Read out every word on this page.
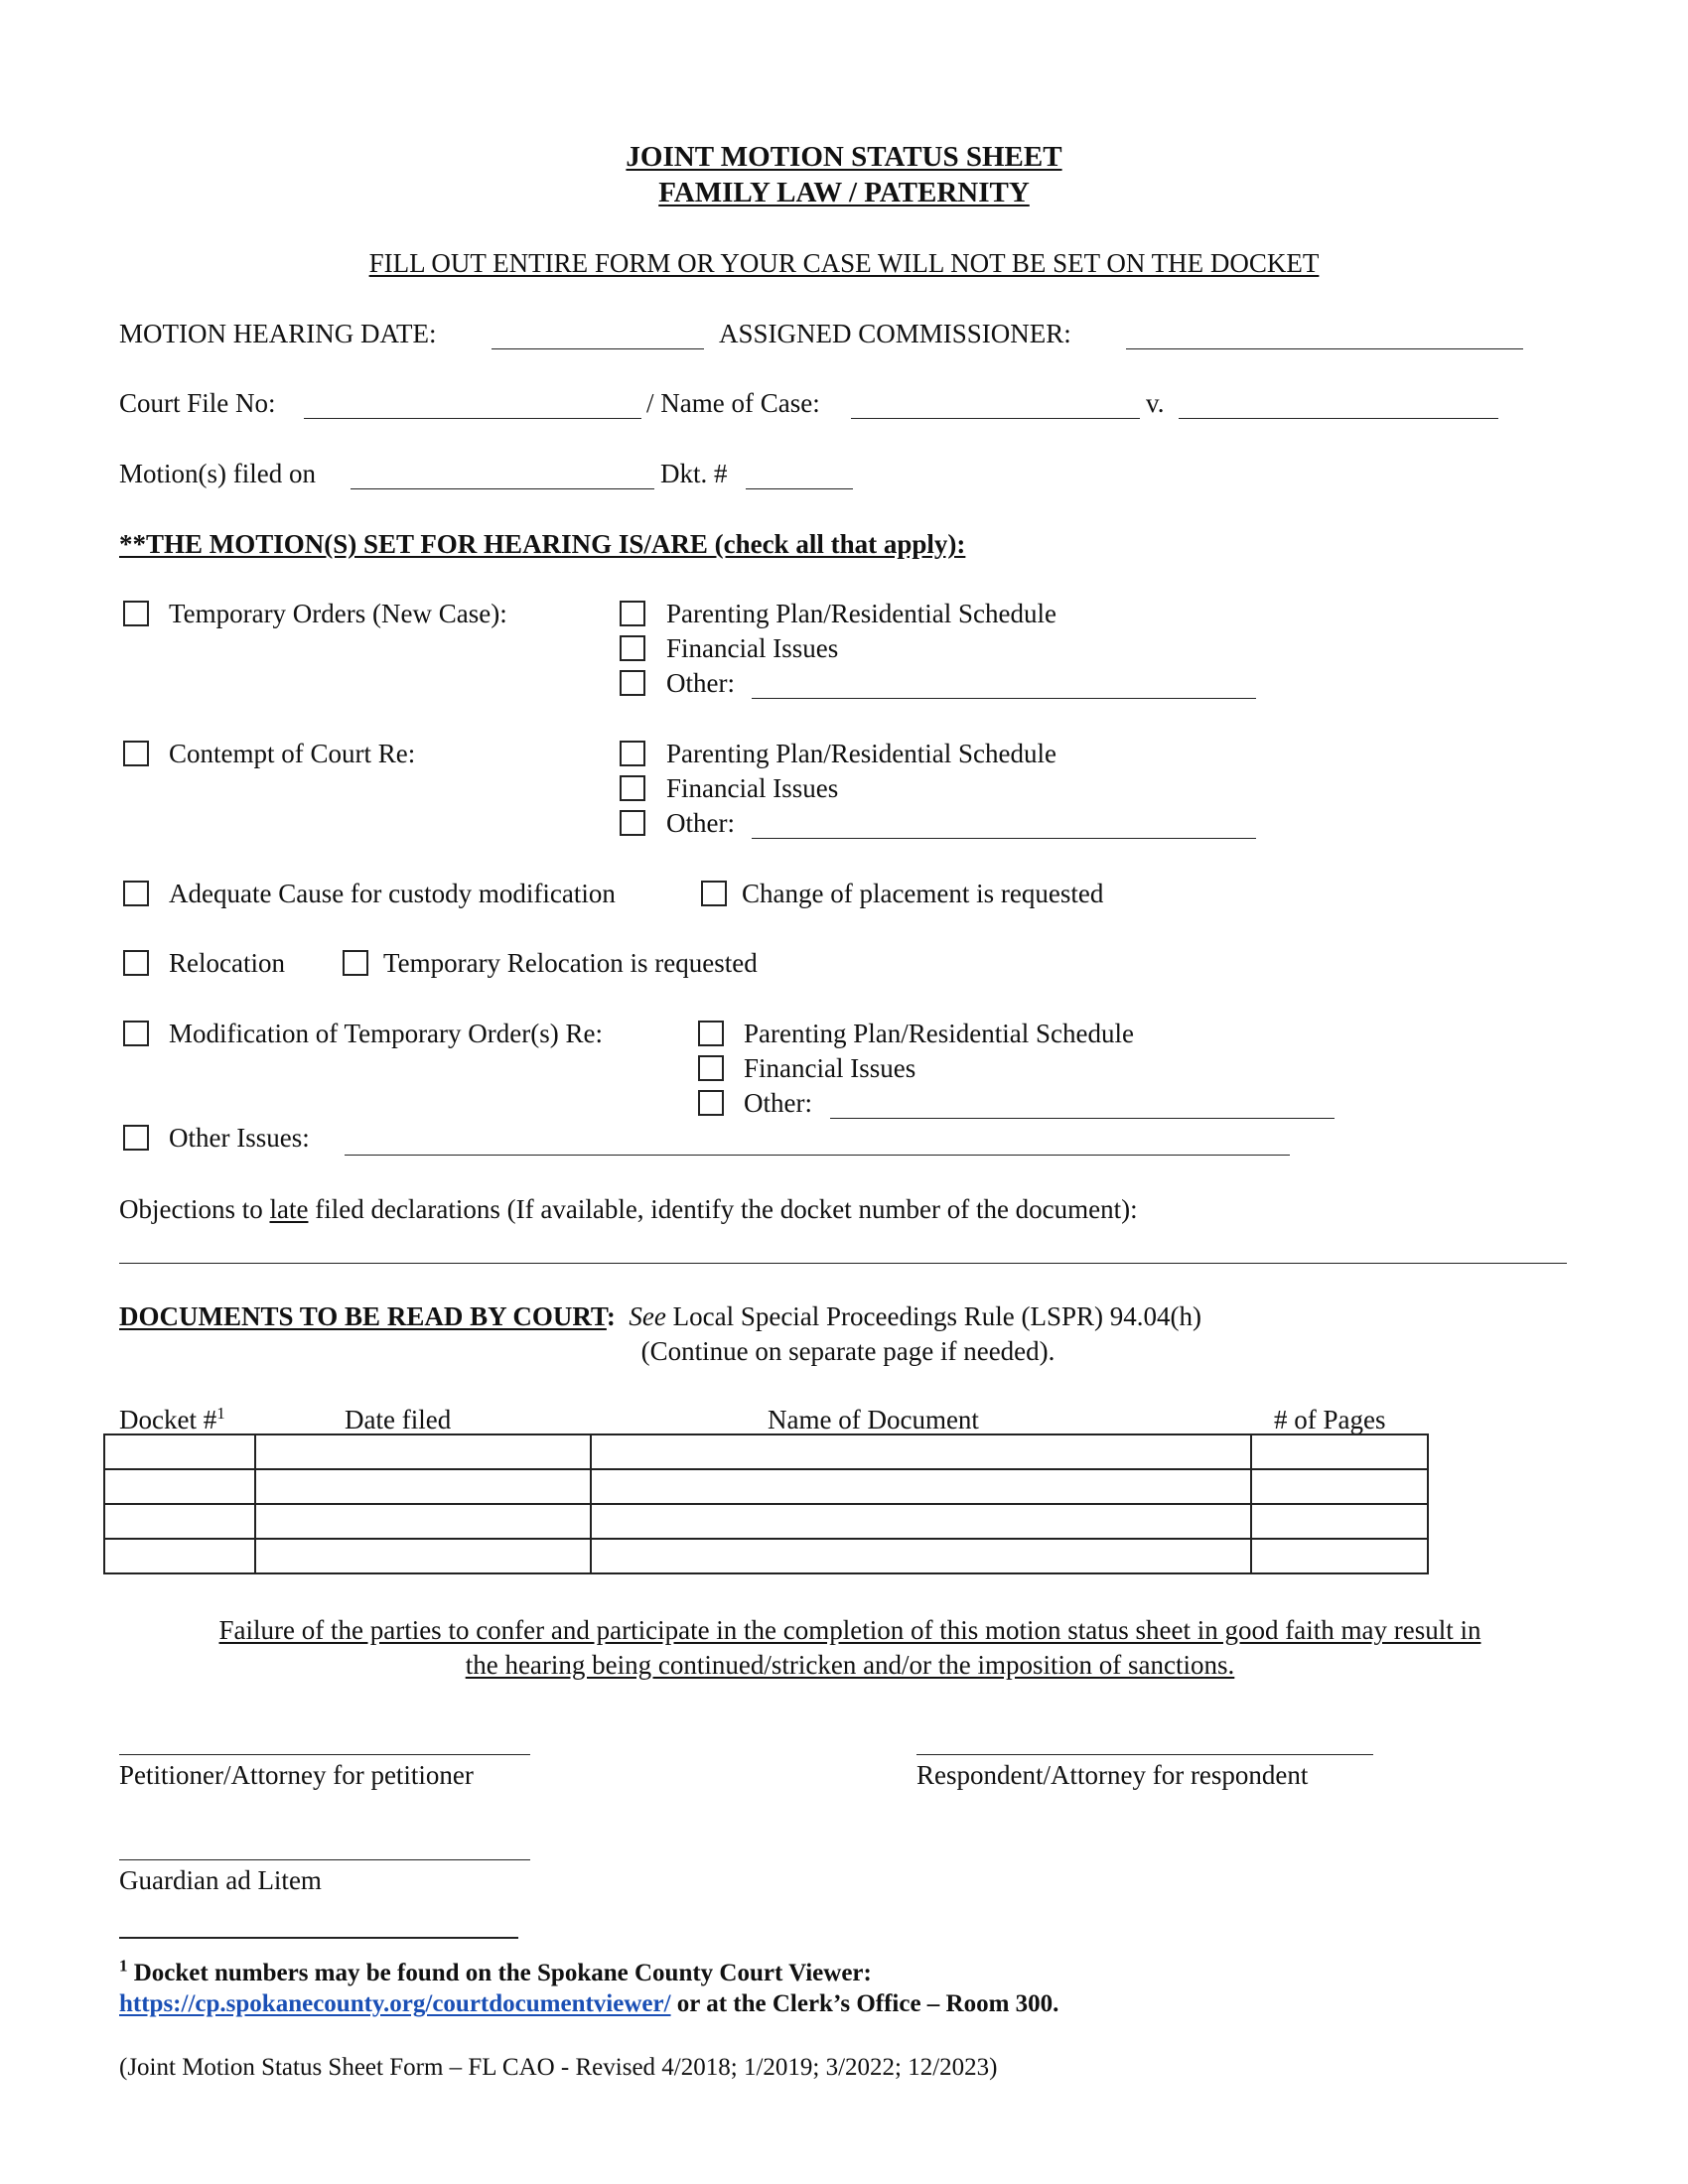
JOINT MOTION STATUS SHEET
FAMILY LAW / PATERNITY
FILL OUT ENTIRE FORM OR YOUR CASE WILL NOT BE SET ON THE DOCKET
MOTION HEARING DATE:	ASSIGNED COMMISSIONER:
Court File No:	/ Name of Case:	v.
Motion(s) filed on	Dkt. #
**THE MOTION(S) SET FOR HEARING IS/ARE (check all that apply):
Temporary Orders (New Case):	Parenting Plan/Residential Schedule
Financial Issues
Other:
Contempt of Court Re:	Parenting Plan/Residential Schedule
Financial Issues
Other:
Adequate Cause for custody modification	Change of placement is requested
Relocation	Temporary Relocation is requested
Modification of Temporary Order(s) Re:	Parenting Plan/Residential Schedule
Financial Issues
Other:
Other Issues:
Objections to late filed declarations (If available, identify the docket number of the document):
DOCUMENTS TO BE READ BY COURT: See Local Special Proceedings Rule (LSPR) 94.04(h)
(Continue on separate page if needed).
Docket #$^1$	Date filed	Name of Document	# of Pages

Failure of the parties to confer and participate in the completion of this motion status sheet in good faith may result in
the hearing being continued/stricken and/or the imposition of sanctions.
Petitioner/Attorney for petitioner	Respondent/Attorney for respondent
Guardian ad Litem
$^1$ Docket numbers may be found on the Spokane County Court Viewer:
https://cp.spokanecounty.org/courtdocumentviewer/ or at the Clerk’s Office – Room 300.
(Joint Motion Status Sheet Form – FL CAO - Revised 4/2018; 1/2019; 3/2022; 12/2023)
